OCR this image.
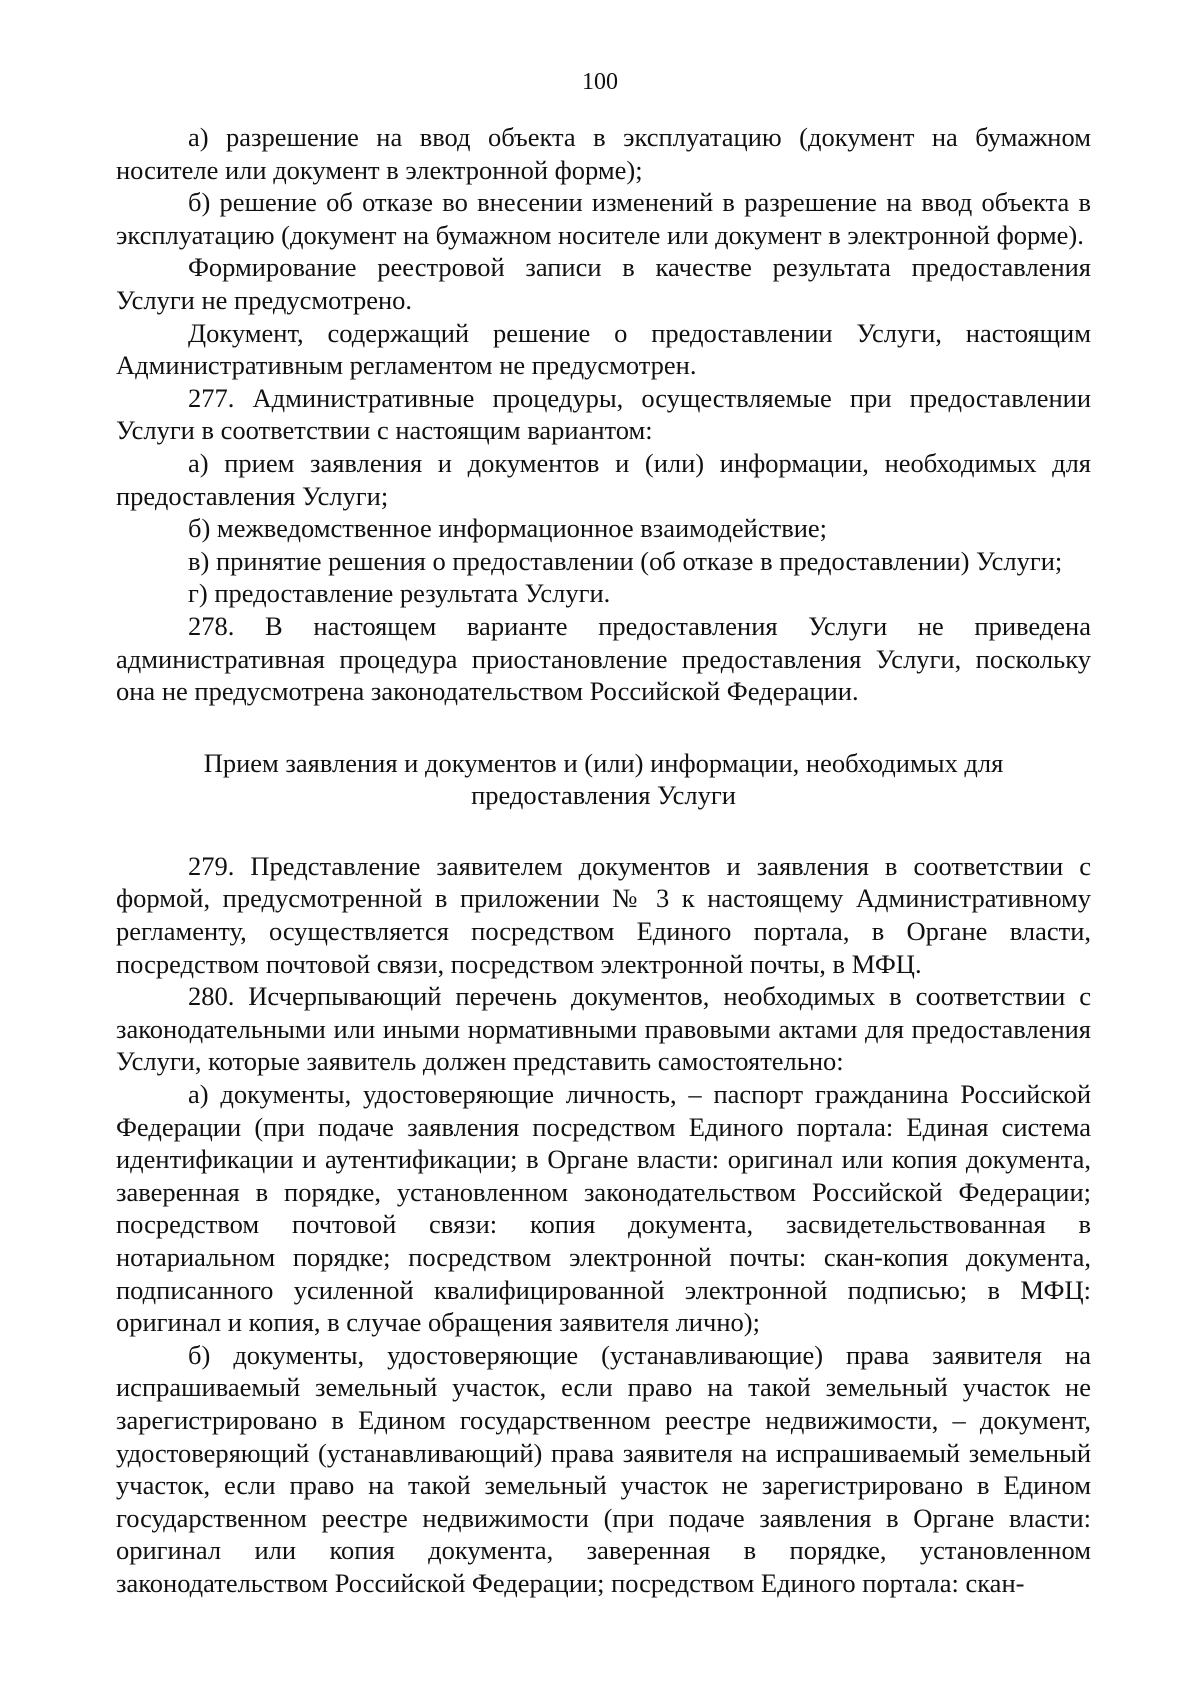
100

а) разрешение на ввод объекта в эксплуатацию (документ на бумажном носителе или документ в электронной форме);

б) решение об отказе во внесении изменений в разрешение на ввод объекта в эксплуатацию (документ на бумажном носителе или документ в электронной форме).

Формирование реестровой записи в качестве результата предоставления Услуги не предусмотрено.

Документ, содержащий решение о предоставлении Услуги, настоящим Административным регламентом не предусмотрен.

277. Административные процедуры, осуществляемые при предоставлении Услуги в соответствии с настоящим вариантом:

а) прием заявления и документов и (или) информации, необходимых для предоставления Услуги;

б) межведомственное информационное взаимодействие;

в) принятие решения о предоставлении (об отказе в предоставлении) Услуги;

г) предоставление результата Услуги.

278. В настоящем варианте предоставления Услуги не приведена административная процедура приостановление предоставления Услуги, поскольку она не предусмотрена законодательством Российской Федерации.

Прием заявления и документов и (или) информации, необходимых для
предоставления Услуги

279. Представление заявителем документов и заявления в соответствии с формой, предусмотренной в приложении № 3 к настоящему Административному регламенту, осуществляется посредством Единого портала, в Органе власти, посредством почтовой связи, посредством электронной почты, в МФЦ.

280. Исчерпывающий перечень документов, необходимых в соответствии с законодательными или иными нормативными правовыми актами для предоставления Услуги, которые заявитель должен представить самостоятельно:

а) документы, удостоверяющие личность, – паспорт гражданина Российской Федерации (при подаче заявления посредством Единого портала: Единая система идентификации и аутентификации; в Органе власти: оригинал или копия документа, заверенная в порядке, установленном законодательством Российской Федерации; посредством почтовой связи: копия документа, засвидетельствованная в нотариальном порядке; посредством электронной почты: скан-копия документа, подписанного усиленной квалифицированной электронной подписью; в МФЦ: оригинал и копия, в случае обращения заявителя лично);

б) документы, удостоверяющие (устанавливающие) права заявителя на испрашиваемый земельный участок, если право на такой земельный участок не зарегистрировано в Едином государственном реестре недвижимости, – документ, удостоверяющий (устанавливающий) права заявителя на испрашиваемый земельный участок, если право на такой земельный участок не зарегистрировано в Едином государственном реестре недвижимости (при подаче заявления в Органе власти: оригинал или копия документа, заверенная в порядке, установленном законодательством Российской Федерации; посредством Единого портала: скан-
